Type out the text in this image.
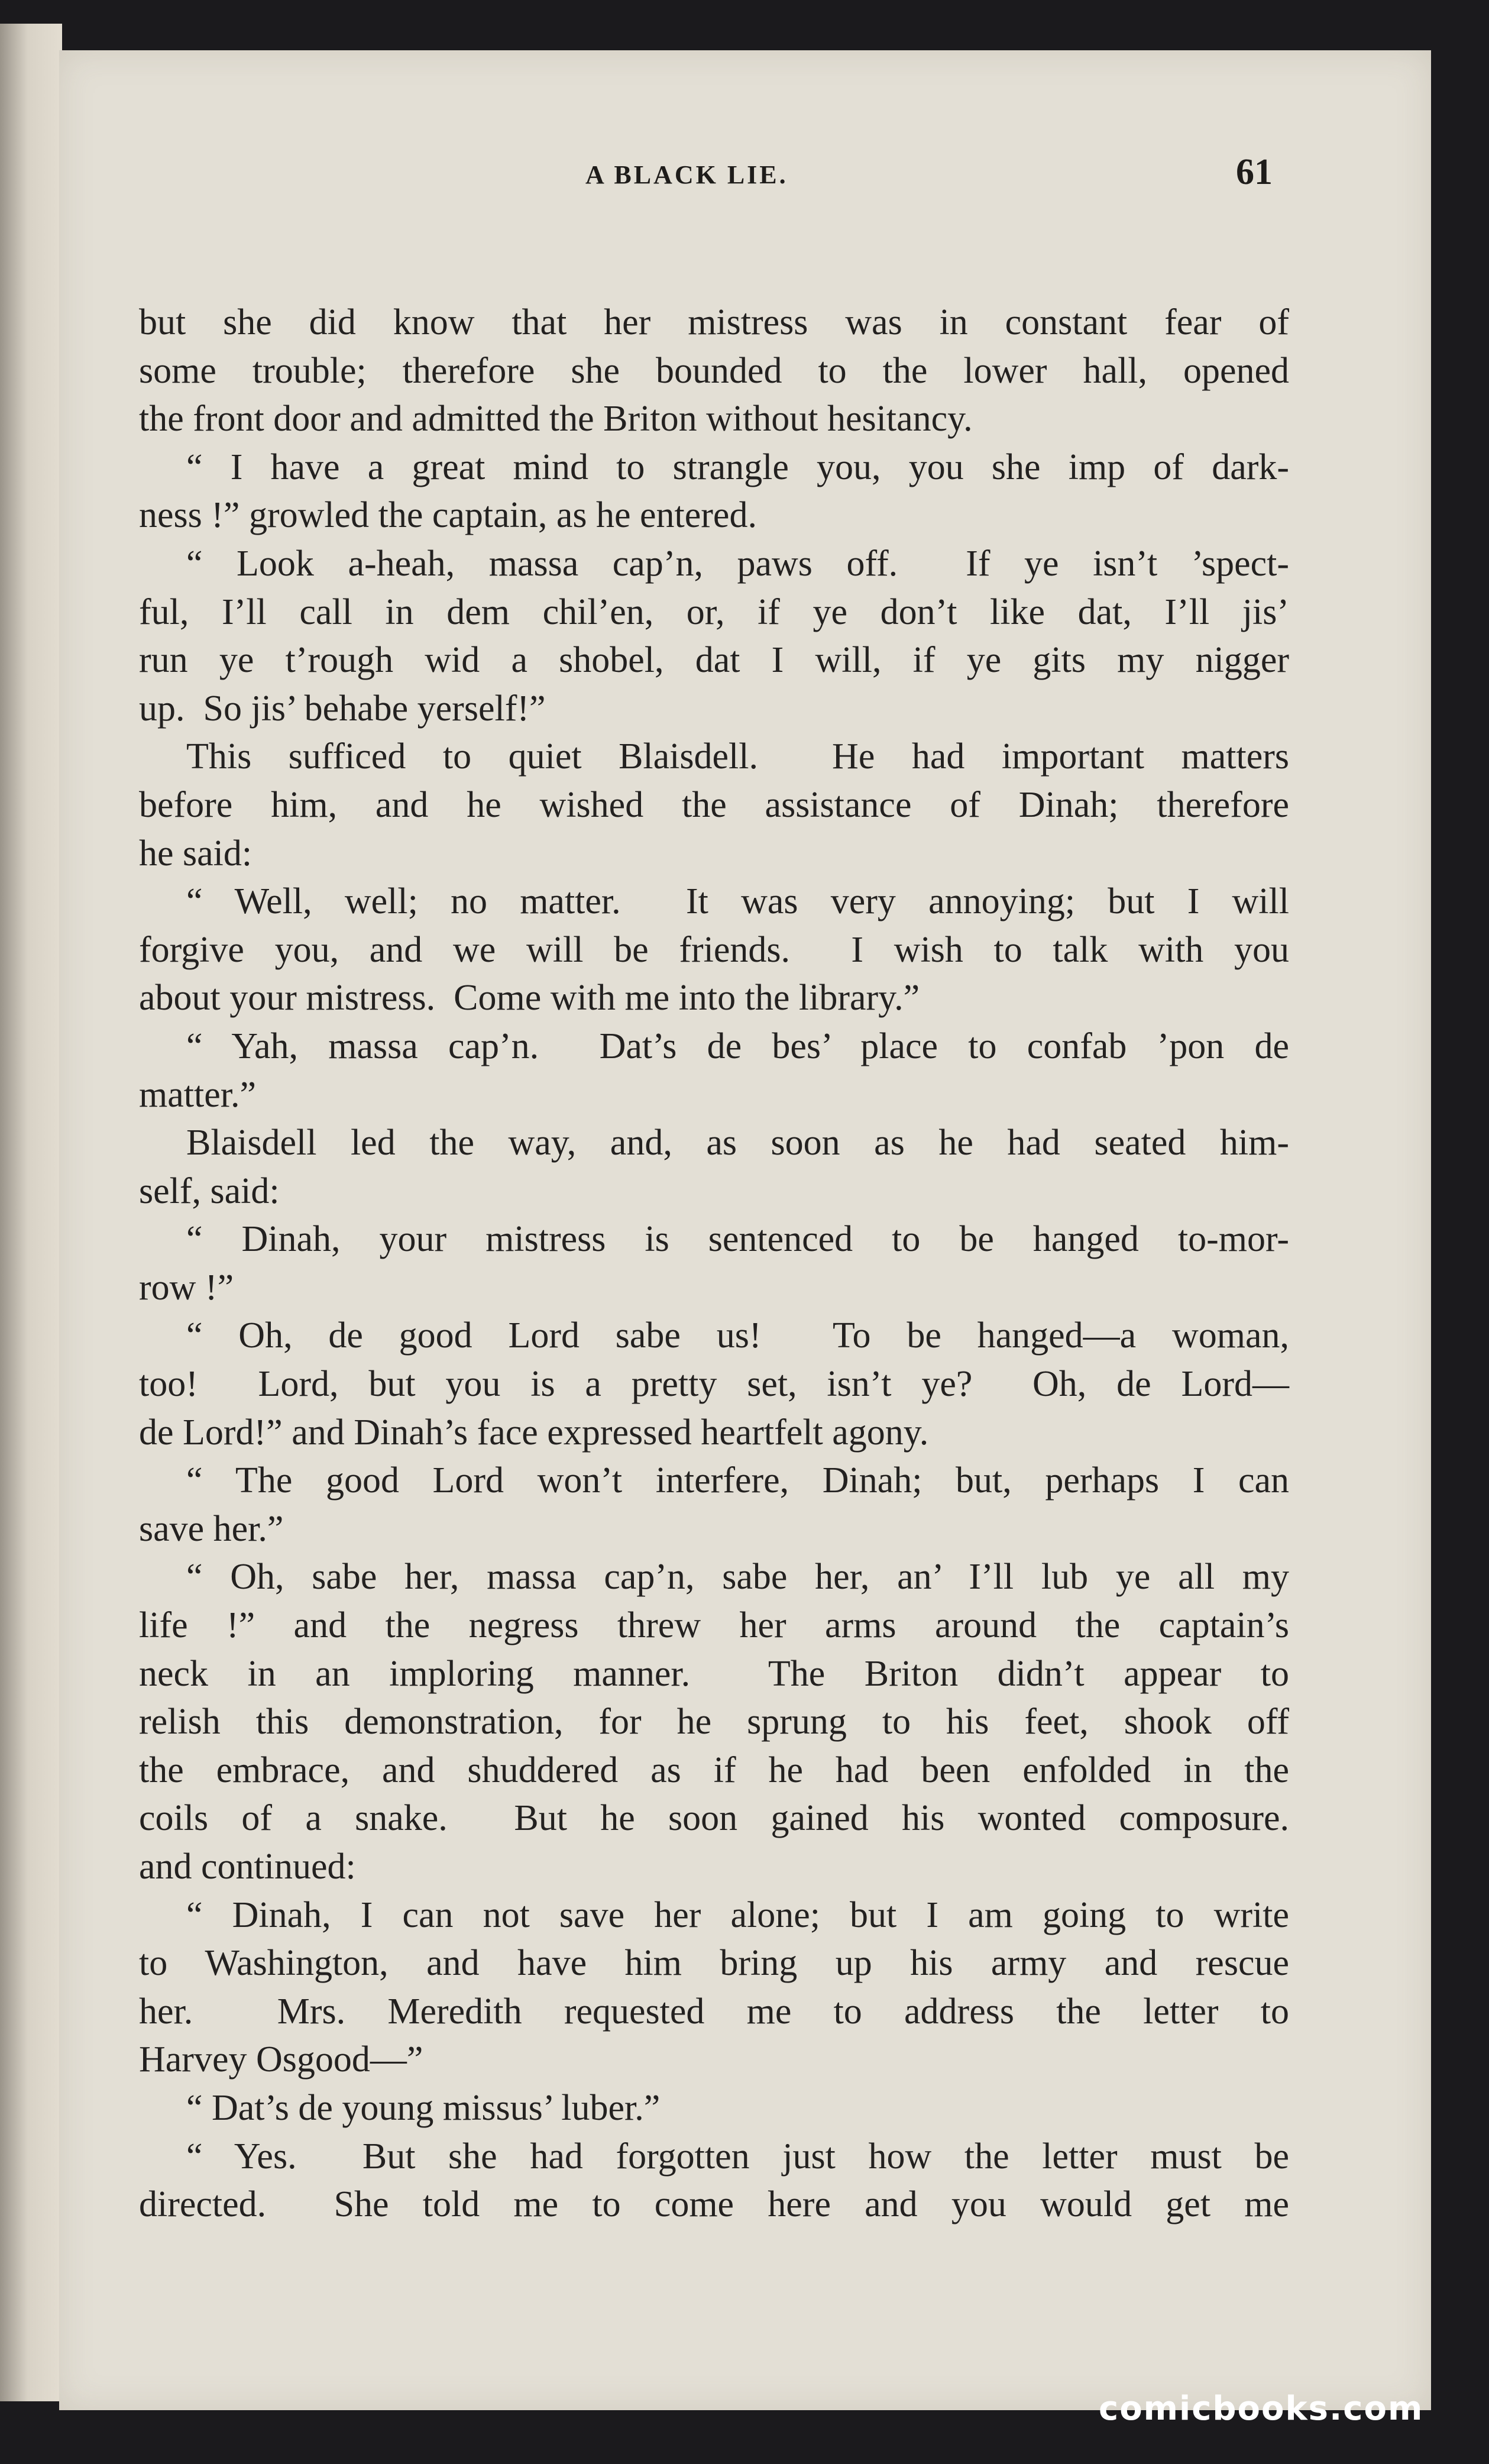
A BLACK LIE.	61
but she did know that her mistress was in constant fear of
some trouble; therefore she bounded to the lower hall, opened
the front door and admitted the Briton without hesitancy.
“ I have a great mind to strangle you, you she imp of dark-
ness !” growled the captain, as he entered.
“ Look a-heah, massa cap’n, paws off.  If ye isn’t ’spect-
ful, I’ll call in dem chil’en, or, if ye don’t like dat, I’ll jis’
run ye t’rough wid a shobel, dat I will, if ye gits my nigger
up.  So jis’ behabe yerself!”
This sufficed to quiet Blaisdell.  He had important matters
before him, and he wished the assistance of Dinah; therefore
he said:
“ Well, well; no matter.  It was very annoying; but I will
forgive you, and we will be friends.  I wish to talk with you
about your mistress.  Come with me into the library.”
“ Yah, massa cap’n.  Dat’s de bes’ place to confab ’pon de
matter.”
Blaisdell led the way, and, as soon as he had seated him-
self, said:
“ Dinah, your mistress is sentenced to be hanged to-mor-
row !”
“ Oh, de good Lord sabe us!  To be hanged—a woman,
too!  Lord, but you is a pretty set, isn’t ye?  Oh, de Lord—
de Lord!” and Dinah’s face expressed heartfelt agony.
“ The good Lord won’t interfere, Dinah; but, perhaps I can
save her.”
“ Oh, sabe her, massa cap’n, sabe her, an’ I’ll lub ye all my
life !” and the negress threw her arms around the captain’s
neck in an imploring manner.  The Briton didn’t appear to
relish this demonstration, for he sprung to his feet, shook off
the embrace, and shuddered as if he had been enfolded in the
coils of a snake.  But he soon gained his wonted composure.
and continued:
“ Dinah, I can not save her alone; but I am going to write
to Washington, and have him bring up his army and rescue
her.  Mrs. Meredith requested me to address the letter to
Harvey Osgood—”
“ Dat’s de young missus’ luber.”
“ Yes.  But she had forgotten just how the letter must be
directed.  She told me to come here and you would get me
comicbooks.com
